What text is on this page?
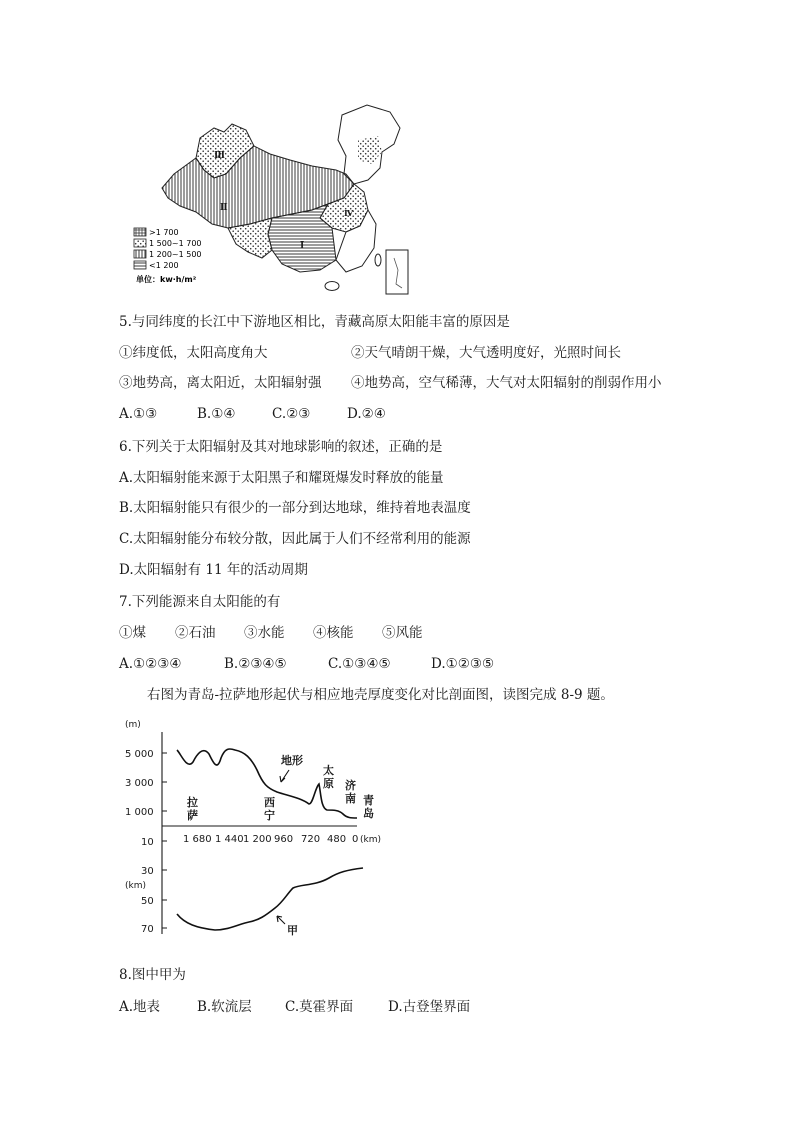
Ⅲ
Ⅱ
Ⅰ
Ⅳ
>1 700
1 500~1 700
1 200~1 500
<1 200
单位：kw·h/m²
5.与同纬度的长江中下游地区相比，青藏高原太阳能丰富的原因是
①纬度低，太阳高度角大	②天气晴朗干燥，大气透明度好，光照时间长
③地势高，离太阳近，太阳辐射强 ④地势高，空气稀薄，大气对太阳辐射的削弱作用小
A.①③	B.①④	C.②③	D.②④
6.下列关于太阳辐射及其对地球影响的叙述，正确的是
A.太阳辐射能来源于太阳黑子和耀斑爆发时释放的能量
B.太阳辐射能只有很少的一部分到达地球，维持着地表温度
C.太阳辐射能分布较分散，因此属于人们不经常利用的能源
D.太阳辐射有 11 年的活动周期
7.下列能源来自太阳能的有
①煤 ②石油 ③水能 ④核能 ⑤风能
A.①②③④	B.②③④⑤	C.①③④⑤	D.①②③⑤
右图为青岛-拉萨地形起伏与相应地壳厚度变化对比剖面图，读图完成 8-9 题。
(m)
(km)
5 000
3 000
1 000
10
30
50
70
1 680 1 440 1 200 960 720 480 0 (km)
地形
甲
拉
萨
西
宁
太
原 济
南 青
岛
8.图中甲为
A.地表	B.软流层 C.莫霍界面	D.古登堡界面
